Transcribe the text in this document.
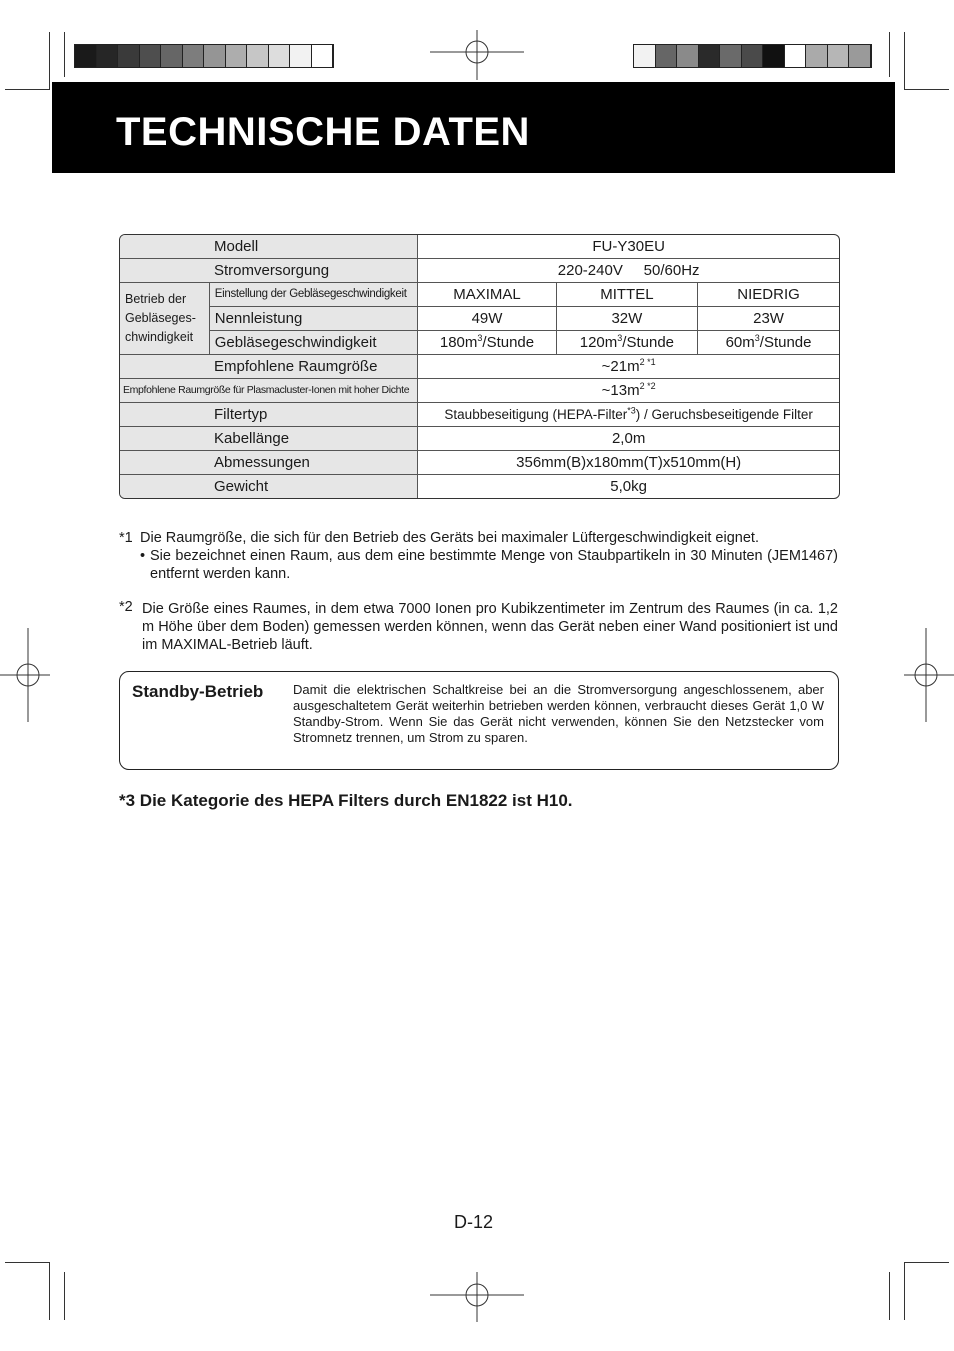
TECHNISCHE DATEN
Modell		FU-Y30EU		
Stromversorgung		220-240V 50/60Hz		
Betrieb der Gebläseges- chwindigkeit	Einstellung der Gebläsegeschwindigkeit	MAXIMAL	MITTEL	NIEDRIG
	Nennleistung	49W	32W	23W
	Gebläsegeschwindigkeit	$180m^3$/Stunde	$120m^3$/Stunde	$60m^3$/Stunde
Empfohlene Raumgröße		$\sim 21m^{2 *1}$
Empfohlene Raumgröße für Plasmacluster-Ionen mit hoher Dichte		$\sim 13m^{2 *2}$
Filtertyp		Staubbeseitigung (HEPA-Filter$^{*3}$) / Geruchsbeseitigende Filter		
Kabellänge		2,0m		
Abmessungen		356mm(B)x180mm(T)x510mm(H)		
Gewicht		5,0kg		
*1 Die Raumgröße, die sich für den Betrieb des Geräts bei maximaler Lüftergeschwindigkeit eignet.
• Sie bezeichnet einen Raum, aus dem eine bestimmte Menge von Staubpartikeln in 30 Minuten (JEM1467) entfernt werden kann.
*2 Die Größe eines Raumes, in dem etwa 7000 Ionen pro Kubikzentimeter im Zentrum des Raumes (in ca. 1,2 m Höhe über dem Boden) gemessen werden können, wenn das Gerät neben einer Wand positioniert ist und im MAXIMAL-Betrieb läuft.
Standby-Betrieb Damit die elektrischen Schaltkreise bei an die Stromversorgung angeschlossenem, aber ausgeschaltetem Gerät weiterhin betrieben werden können, verbraucht dieses Gerät 1,0 W Standby-Strom. Wenn Sie das Gerät nicht verwenden, können Sie den Netzstecker vom Stromnetz trennen, um Strom zu sparen.
*3 Die Kategorie des HEPA Filters durch EN1822 ist H10.
D-12
